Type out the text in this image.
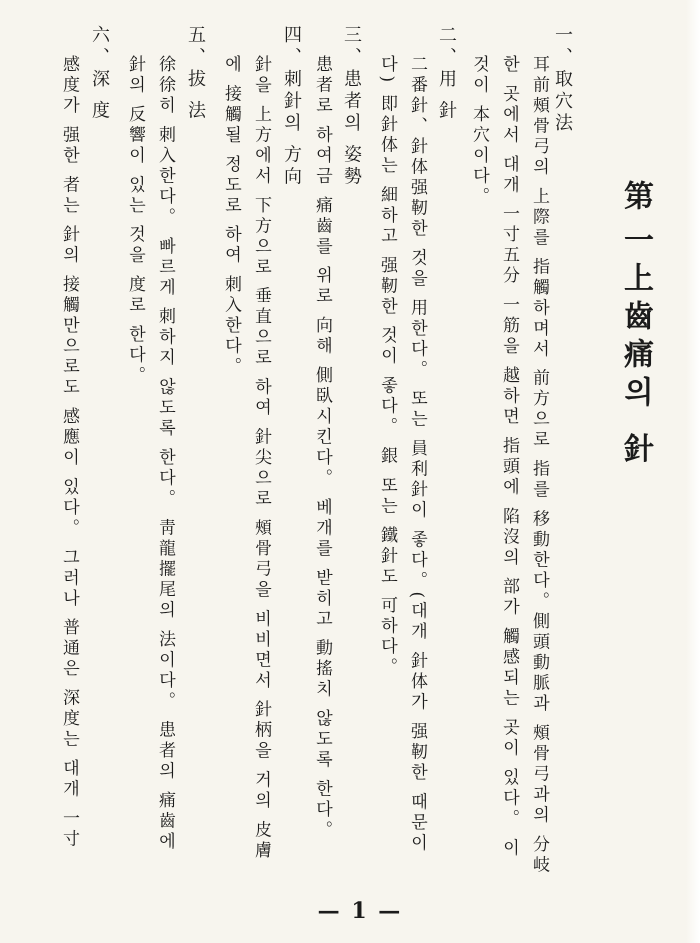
第一
上齒痛의 針
一、取穴法
耳前頰骨弓의 上際를 指觸하며서 前方으로 指를 移動한다。側頭動脈과 頰骨弓과의 分岐
한 곳에서 대개 一寸五分 一筋을 越하면 指頭에 陷沒의 部가 觸感되는 곳이 있다。 이
것이 本穴이다。
二、用 針
二番針、針体强靭한 것을 用한다。 또는 員利針이 좋다。(대개 針体가 强靭한 때문이
다) 即針体는 細하고 强靭한 것이 좋다。 銀 또는 鐵針도 可하다。
三、患者의 姿勢
患者로 하여금 痛齒를 위로 向해 側臥시킨다。 베개를 받히고 動搖치 않도록 한다。
四、刺針의 方向
針을 上方에서 下方으로 垂直으로 하여 針尖으로 頰骨弓을 비비면서 針柄을 거의 皮膚
에 接觸될 정도로 하여 刺入한다。
五、拔 法
徐徐히 刺入한다。 빠르게 刺하지 않도록 한다。 靑龍擺尾의 法이다。 患者의 痛齒에
針의 反響이 있는 것을 度로 한다。
六、深 度
感度가 强한 者는 針의 接觸만으로도 感應이 있다。 그러나 普通은 深度는 대개 一寸
— 1 —
